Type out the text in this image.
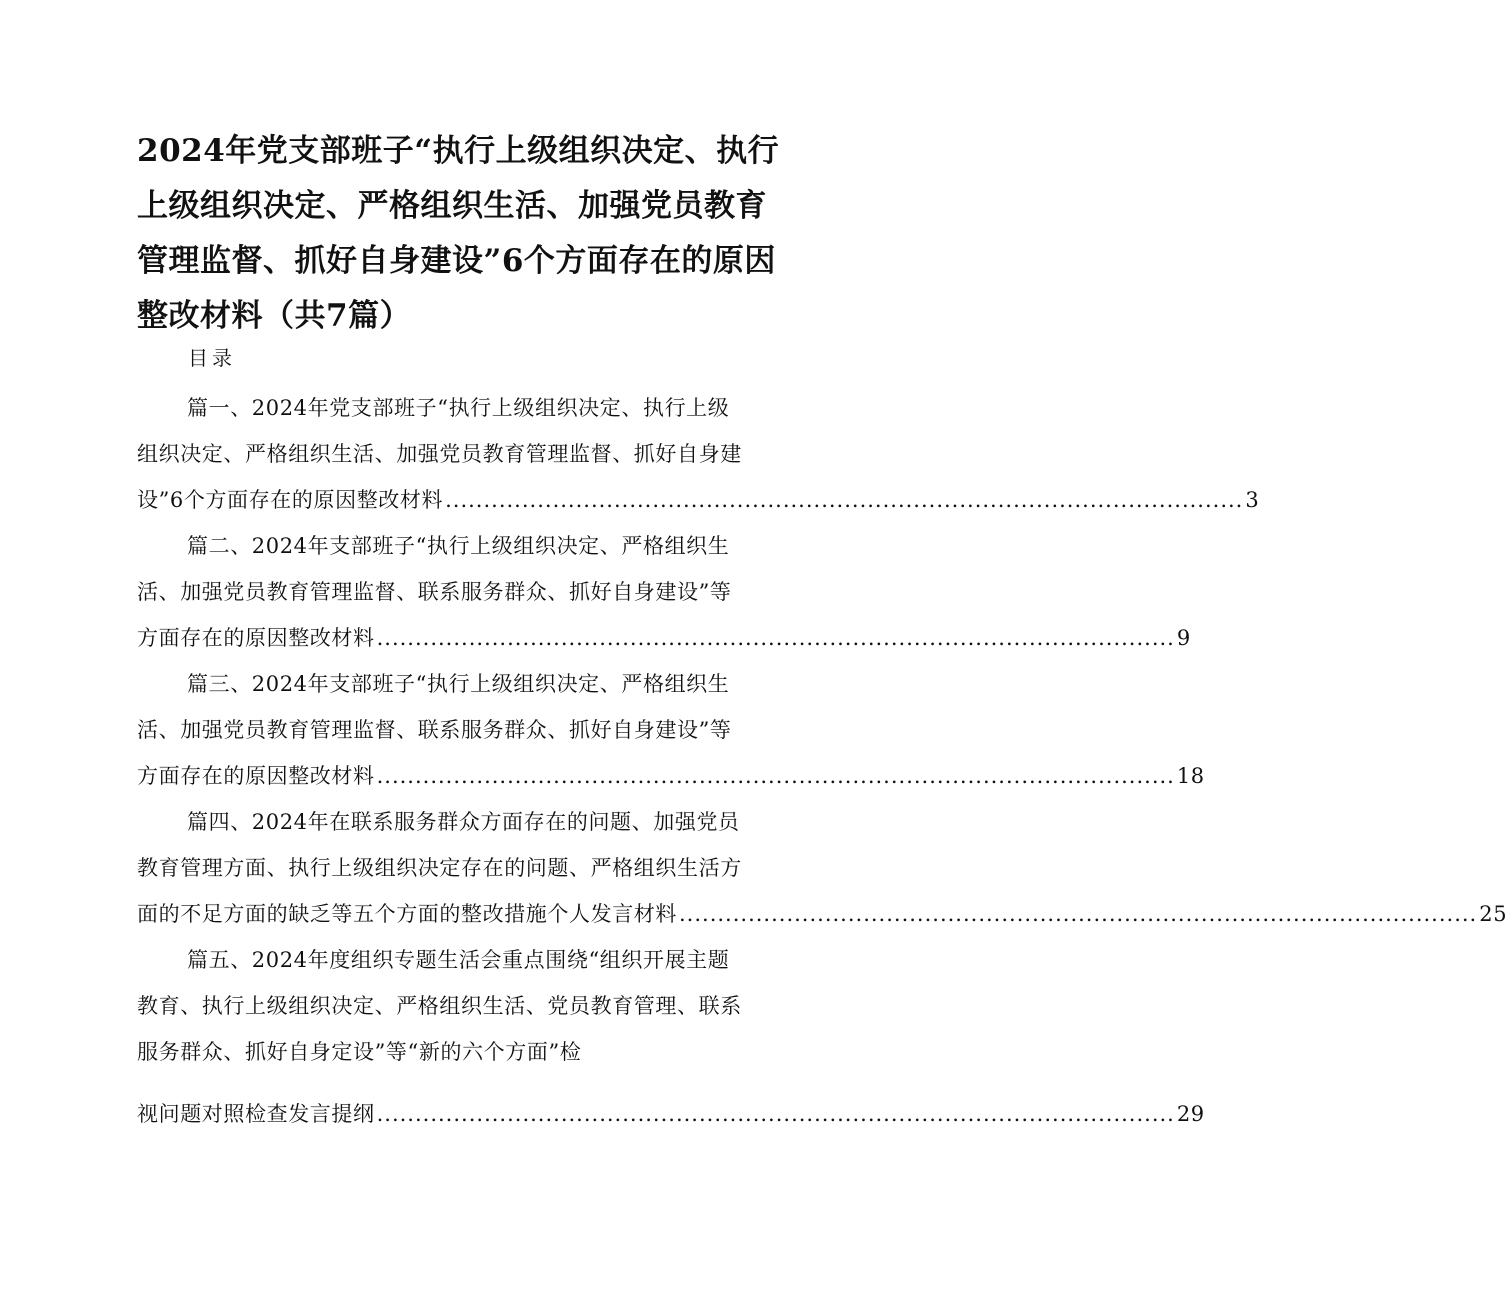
2024年党支部班子“执行上级组织决定、执行
上级组织决定、严格组织生活、加强党员教育
管理监督、抓好自身建设”6个方面存在的原因
整改材料（共7篇）
目录
篇一、2024年党支部班子“执行上级组织决定、执行上级
组织决定、严格组织生活、加强党员教育管理监督、抓好自身建
设”6个方面存在的原因整改材料 ........................................................................................................ 3
篇二、2024年支部班子“执行上级组织决定、严格组织生
活、加强党员教育管理监督、联系服务群众、抓好自身建设”等
方面存在的原因整改材料 ........................................................................................................ 9
篇三、2024年支部班子“执行上级组织决定、严格组织生
活、加强党员教育管理监督、联系服务群众、抓好自身建设”等
方面存在的原因整改材料 ........................................................................................................ 18
篇四、2024年在联系服务群众方面存在的问题、加强党员
教育管理方面、执行上级组织决定存在的问题、严格组织生活方
面的不足方面的缺乏等五个方面的整改措施个人发言材料 ........................................................................................................ 25
篇五、2024年度组织专题生活会重点围绕“组织开展主题
教育、执行上级组织决定、严格组织生活、党员教育管理、联系
服务群众、抓好自身定设”等“新的六个方面”检
视问题对照检查发言提纲 ........................................................................................................ 29
